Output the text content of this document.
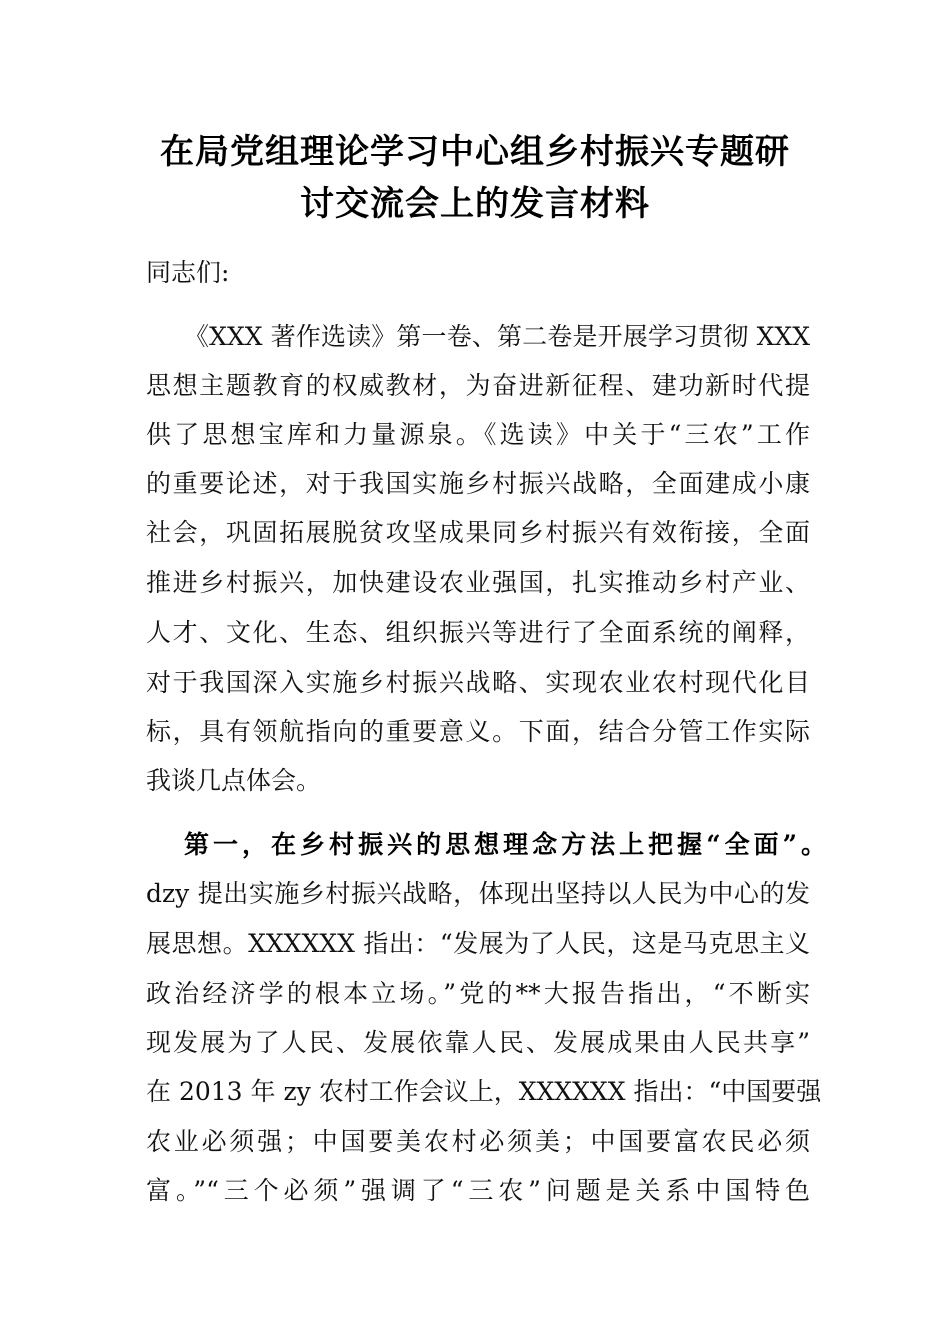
在局党组理论学习中心组乡村振兴专题研
讨交流会上的发言材料
同志们:
《XXX 著作选读》第一卷、第二卷是开展学习贯彻 XXX
思想主题教育的权威教材，为奋进新征程、建功新时代提
供了思想宝库和力量源泉。《选读》中关于“三农”工作
的重要论述，对于我国实施乡村振兴战略，全面建成小康
社会，巩固拓展脱贫攻坚成果同乡村振兴有效衔接，全面
推进乡村振兴，加快建设农业强国，扎实推动乡村产业、
人才、文化、生态、组织振兴等进行了全面系统的阐释，
对于我国深入实施乡村振兴战略、实现农业农村现代化目
标，具有领航指向的重要意义。下面，结合分管工作实际
我谈几点体会。
第一，在乡村振兴的思想理念方法上把握“全面”。
dzy 提出实施乡村振兴战略，体现出坚持以人民为中心的发
展思想。XXXXXX 指出：“发展为了人民，这是马克思主义
政治经济学的根本立场。”党的**大报告指出，“不断实
现发展为了人民、发展依靠人民、发展成果由人民共享”
在 2013 年 zy 农村工作会议上，XXXXXX 指出：“中国要强
农业必须强；中国要美农村必须美；中国要富农民必须
富。”“三个必须”强调了“三农”问题是关系中国特色
